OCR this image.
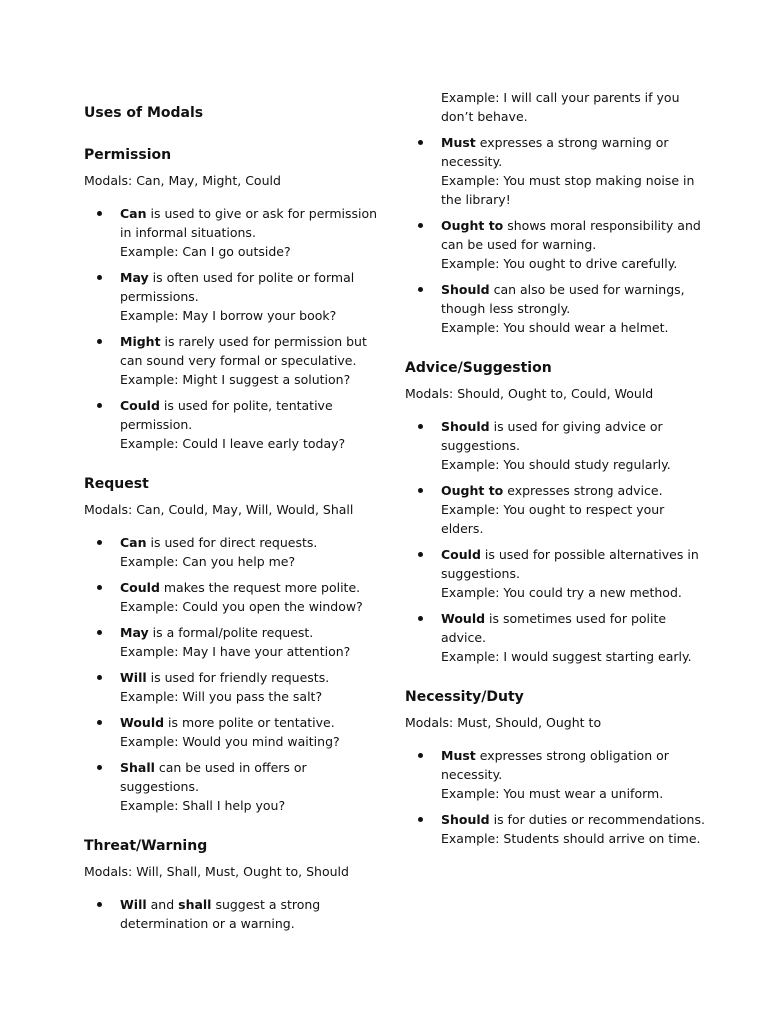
Uses of Modals
Permission
Modals: Can, May, Might, Could
Can is used to give or ask for permission in informal situations.
Example: Can I go outside?
May is often used for polite or formal permissions.
Example: May I borrow your book?
Might is rarely used for permission but can sound very formal or speculative.
Example: Might I suggest a solution?
Could is used for polite, tentative permission.
Example: Could I leave early today?
Request
Modals: Can, Could, May, Will, Would, Shall
Can is used for direct requests.
Example: Can you help me?
Could makes the request more polite.
Example: Could you open the window?
May is a formal/polite request.
Example: May I have your attention?
Will is used for friendly requests.
Example: Will you pass the salt?
Would is more polite or tentative.
Example: Would you mind waiting?
Shall can be used in offers or suggestions.
Example: Shall I help you?
Threat/Warning
Modals: Will, Shall, Must, Ought to, Should
Will and shall suggest a strong determination or a warning.
Example: I will call your parents if you don’t behave.
Must expresses a strong warning or necessity.
Example: You must stop making noise in the library!
Ought to shows moral responsibility and can be used for warning.
Example: You ought to drive carefully.
Should can also be used for warnings, though less strongly.
Example: You should wear a helmet.
Advice/Suggestion
Modals: Should, Ought to, Could, Would
Should is used for giving advice or suggestions.
Example: You should study regularly.
Ought to expresses strong advice.
Example: You ought to respect your elders.
Could is used for possible alternatives in suggestions.
Example: You could try a new method.
Would is sometimes used for polite advice.
Example: I would suggest starting early.
Necessity/Duty
Modals: Must, Should, Ought to
Must expresses strong obligation or necessity.
Example: You must wear a uniform.
Should is for duties or recommendations.
Example: Students should arrive on time.
